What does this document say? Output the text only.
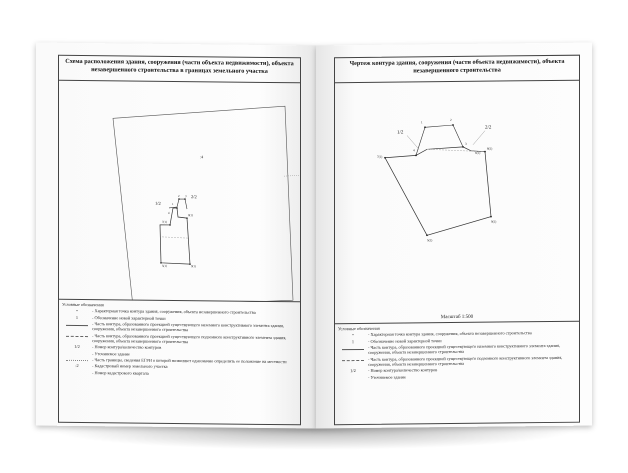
Схема расположения здания, сооружения (части объекта недвижимости), объекта незавершенного строительства в границах земельного участка
:4
1/2
2/2
1
2 3
4
7(1)
8(1)
9(1)
5(1)
Условные обозначения
•	- Характерная точка контура здания, сооружения, объекта незавершенного строительства
1	- Обозначение новой характерной точки
- Часть контура, образованного проекцией существующего наземного конструктивного элемента здания, сооружения, объекта незавершенного строительства
- Часть контура, образованного проекцией существующего подземного конструктивного элемента здания, сооружения, объекта незавершенного строительства
1/2	- Номер контура/количество контуров
- Уточняемое здание
- Часть границы, сведения ЕГРН о которой позволяют однозначно определить ее положение на местности
:2	- Кадастровый номер земельного участка
- Номер кадастрового квартала
Чертеж контура здания, сооружения (части объекта недвижимости), объекта незавершенного строительства
1/2
2/2
1
2
3
4
7(1)
8(1)
9(1)
5(1)
6(1)
Масштаб 1:500
Условные обозначения
•	- Характерная точка контура здания, сооружения, объекта незавершенного строительства
1	- Обозначение новой характерной точки
- Часть контура, образованного проекцией существующего наземного конструктивного элемента здания, сооружения, объекта незавершенного строительства
- Часть контура, образованного проекцией существующего подземного конструктивного элемента здания, сооружения, объекта незавершенного строительства
1/2	- Номер контура/количество контуров
- Уточняемое здание
